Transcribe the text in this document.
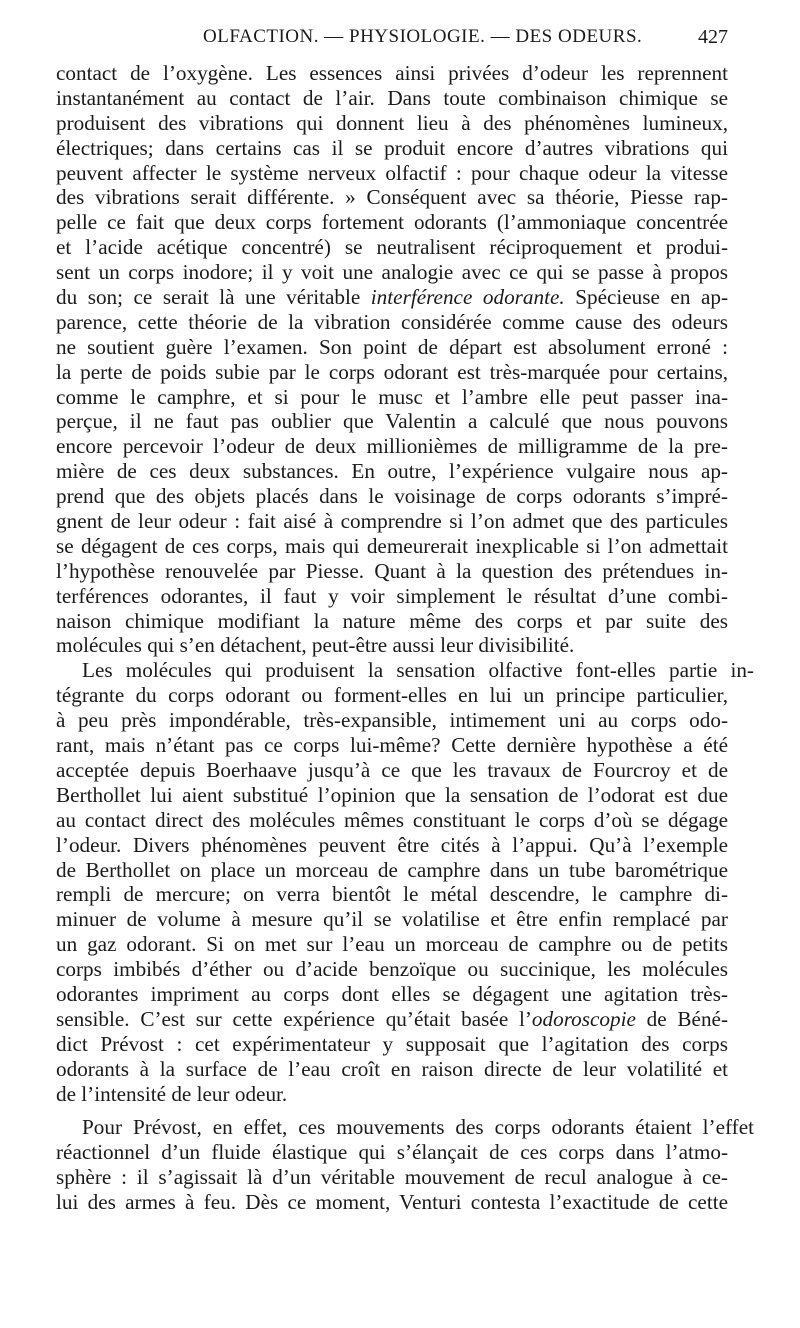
OLFACTION. — PHYSIOLOGIE. — DES ODEURS.	427
contact de l’oxygène. Les essences ainsi privées d’odeur les reprennent
instantanément au contact de l’air. Dans toute combinaison chimique se
produisent des vibrations qui donnent lieu à des phénomènes lumineux,
électriques; dans certains cas il se produit encore d’autres vibrations qui
peuvent affecter le système nerveux olfactif : pour chaque odeur la vitesse
des vibrations serait différente. » Conséquent avec sa théorie, Piesse rap-
pelle ce fait que deux corps fortement odorants (l’ammoniaque concentrée
et l’acide acétique concentré) se neutralisent réciproquement et produi-
sent un corps inodore; il y voit une analogie avec ce qui se passe à propos
du son; ce serait là une véritable interférence odorante. Spécieuse en ap-
parence, cette théorie de la vibration considérée comme cause des odeurs
ne soutient guère l’examen. Son point de départ est absolument erroné :
la perte de poids subie par le corps odorant est très-marquée pour certains,
comme le camphre, et si pour le musc et l’ambre elle peut passer ina-
perçue, il ne faut pas oublier que Valentin a calculé que nous pouvons
encore percevoir l’odeur de deux millionièmes de milligramme de la pre-
mière de ces deux substances. En outre, l’expérience vulgaire nous ap-
prend que des objets placés dans le voisinage de corps odorants s’impré-
gnent de leur odeur : fait aisé à comprendre si l’on admet que des particules
se dégagent de ces corps, mais qui demeurerait inexplicable si l’on admettait
l’hypothèse renouvelée par Piesse. Quant à la question des prétendues in-
terférences odorantes, il faut y voir simplement le résultat d’une combi-
naison chimique modifiant la nature même des corps et par suite des
molécules qui s’en détachent, peut-être aussi leur divisibilité.
Les molécules qui produisent la sensation olfactive font-elles partie in-
tégrante du corps odorant ou forment-elles en lui un principe particulier,
à peu près impondérable, très-expansible, intimement uni au corps odo-
rant, mais n’étant pas ce corps lui-même? Cette dernière hypothèse a été
acceptée depuis Boerhaave jusqu’à ce que les travaux de Fourcroy et de
Berthollet lui aient substitué l’opinion que la sensation de l’odorat est due
au contact direct des molécules mêmes constituant le corps d’où se dégage
l’odeur. Divers phénomènes peuvent être cités à l’appui. Qu’à l’exemple
de Berthollet on place un morceau de camphre dans un tube barométrique
rempli de mercure; on verra bientôt le métal descendre, le camphre di-
minuer de volume à mesure qu’il se volatilise et être enfin remplacé par
un gaz odorant. Si on met sur l’eau un morceau de camphre ou de petits
corps imbibés d’éther ou d’acide benzoïque ou succinique, les molécules
odorantes impriment au corps dont elles se dégagent une agitation très-
sensible. C’est sur cette expérience qu’était basée l’odoroscopie de Béné-
dict Prévost : cet expérimentateur y supposait que l’agitation des corps
odorants à la surface de l’eau croît en raison directe de leur volatilité et
de l’intensité de leur odeur.
Pour Prévost, en effet, ces mouvements des corps odorants étaient l’effet
réactionnel d’un fluide élastique qui s’élançait de ces corps dans l’atmo-
sphère : il s’agissait là d’un véritable mouvement de recul analogue à ce-
lui des armes à feu. Dès ce moment, Venturi contesta l’exactitude de cette
